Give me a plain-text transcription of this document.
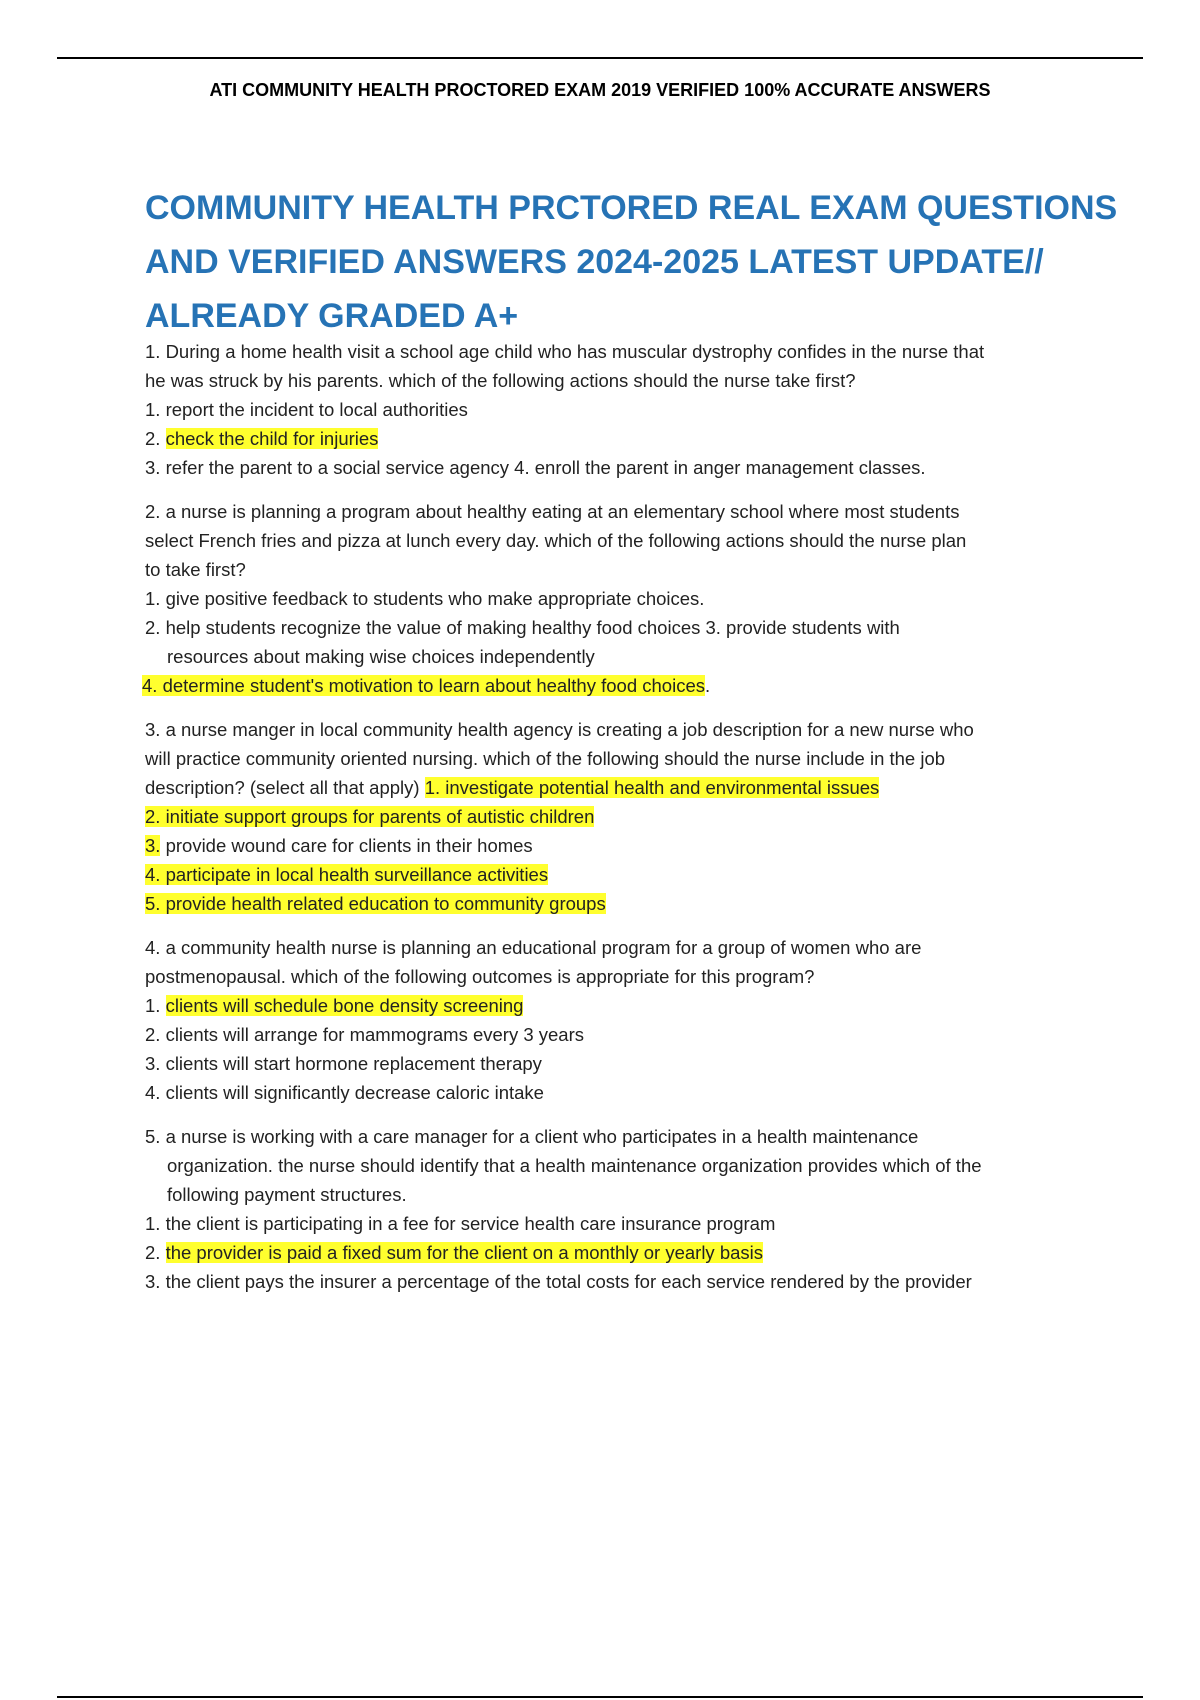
ATI COMMUNITY HEALTH PROCTORED EXAM 2019 VERIFIED 100% ACCURATE ANSWERS
COMMUNITY HEALTH PRCTORED REAL EXAM QUESTIONS AND VERIFIED ANSWERS 2024-2025 LATEST UPDATE// ALREADY GRADED A+

1. During a home health visit a school age child who has muscular dystrophy confides in the nurse that he was struck by his parents. which of the following actions should the nurse take first?

1. report the incident to local authorities

2. check the child for injuries

3. refer the parent to a social service agency 4. enroll the parent in anger management classes.

2. a nurse is planning a program about healthy eating at an elementary school where most students select French fries and pizza at lunch every day. which of the following actions should the nurse plan to take first?

1. give positive feedback to students who make appropriate choices.

2. help students recognize the value of making healthy food choices 3. provide students with resources about making wise choices independently

4. determine student's motivation to learn about healthy food choices.

3. a nurse manger in local community health agency is creating a job description for a new nurse who will practice community oriented nursing. which of the following should the nurse include in the job description? (select all that apply) 1. investigate potential health and environmental issues

2. initiate support groups for parents of autistic children

3. provide wound care for clients in their homes

4. participate in local health surveillance activities

5. provide health related education to community groups

4. a community health nurse is planning an educational program for a group of women who are postmenopausal. which of the following outcomes is appropriate for this program?

1. clients will schedule bone density screening

2. clients will arrange for mammograms every 3 years

3. clients will start hormone replacement therapy

4. clients will significantly decrease caloric intake

5. a nurse is working with a care manager for a client who participates in a health maintenance organization. the nurse should identify that a health maintenance organization provides which of the following payment structures.

1. the client is participating in a fee for service health care insurance program

2. the provider is paid a fixed sum for the client on a monthly or yearly basis

3. the client pays the insurer a percentage of the total costs for each service rendered by the provider
